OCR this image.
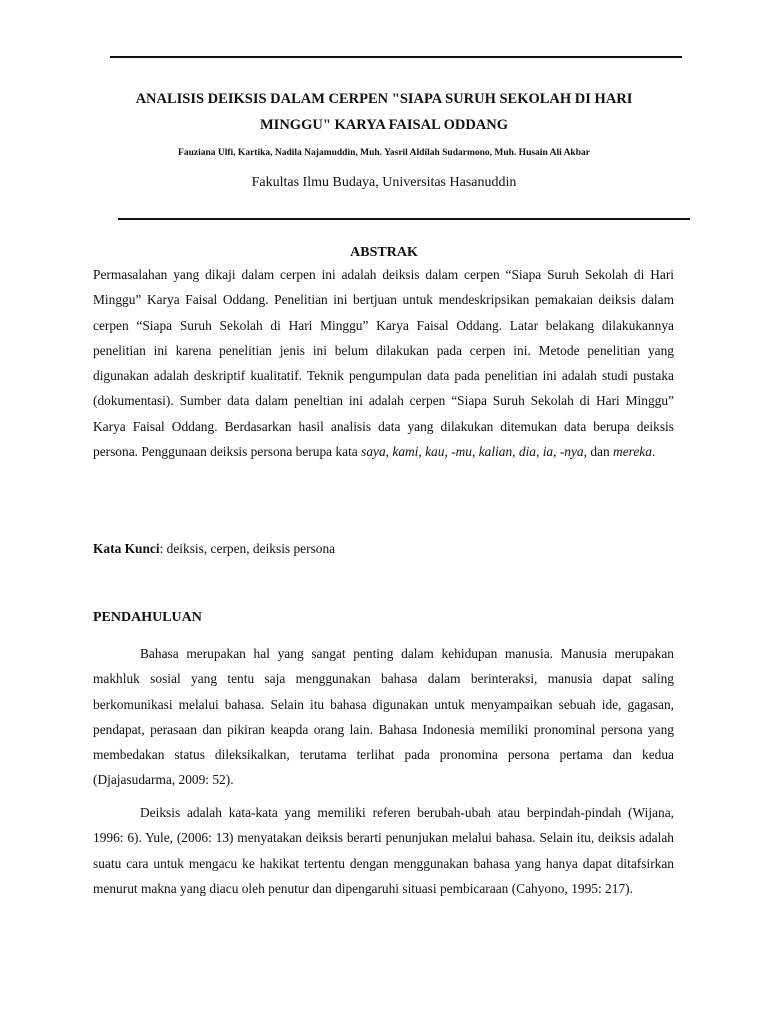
ANALISIS DEIKSIS DALAM CERPEN "SIAPA SURUH SEKOLAH DI HARI
MINGGU" KARYA FAISAL ODDANG
Fauziana Ulfi, Kartika, Nadila Najamuddin, Muh. Yasril Aldilah Sudarmono, Muh. Husain Ali Akbar
Fakultas Ilmu Budaya, Universitas Hasanuddin
ABSTRAK

Permasalahan yang dikaji dalam cerpen ini adalah deiksis dalam cerpen “Siapa Suruh Sekolah di Hari Minggu” Karya Faisal Oddang. Penelitian ini bertjuan untuk mendeskripsikan pemakaian deiksis dalam cerpen “Siapa Suruh Sekolah di Hari Minggu” Karya Faisal Oddang. Latar belakang dilakukannya penelitian ini karena penelitian jenis ini belum dilakukan pada cerpen ini. Metode penelitian yang digunakan adalah deskriptif kualitatif. Teknik pengumpulan data pada penelitian ini adalah studi pustaka (dokumentasi). Sumber data dalam peneltian ini adalah cerpen “Siapa Suruh Sekolah di Hari Minggu” Karya Faisal Oddang. Berdasarkan hasil analisis data yang dilakukan ditemukan data berupa deiksis persona. Penggunaan deiksis persona berupa kata saya, kami, kau, -mu, kalian, dia, ia, -nya, dan mereka.

Kata Kunci: deiksis, cerpen, deiksis persona
PENDAHULUAN

Bahasa merupakan hal yang sangat penting dalam kehidupan manusia. Manusia merupakan makhluk sosial yang tentu saja menggunakan bahasa dalam berinteraksi, manusia dapat saling berkomunikasi melalui bahasa. Selain itu bahasa digunakan untuk menyampaikan sebuah ide, gagasan, pendapat, perasaan dan pikiran keapda orang lain. Bahasa Indonesia memiliki pronominal persona yang membedakan status dileksikalkan, terutama terlihat pada pronomina persona pertama dan kedua (Djajasudarma, 2009: 52).

Deiksis adalah kata-kata yang memiliki referen berubah-ubah atau berpindah-pindah (Wijana, 1996: 6). Yule, (2006: 13) menyatakan deiksis berarti penunjukan melalui bahasa. Selain itu, deiksis adalah suatu cara untuk mengacu ke hakikat tertentu dengan menggunakan bahasa yang hanya dapat ditafsirkan menurut makna yang diacu oleh penutur dan dipengaruhi situasi pembicaraan (Cahyono, 1995: 217).
